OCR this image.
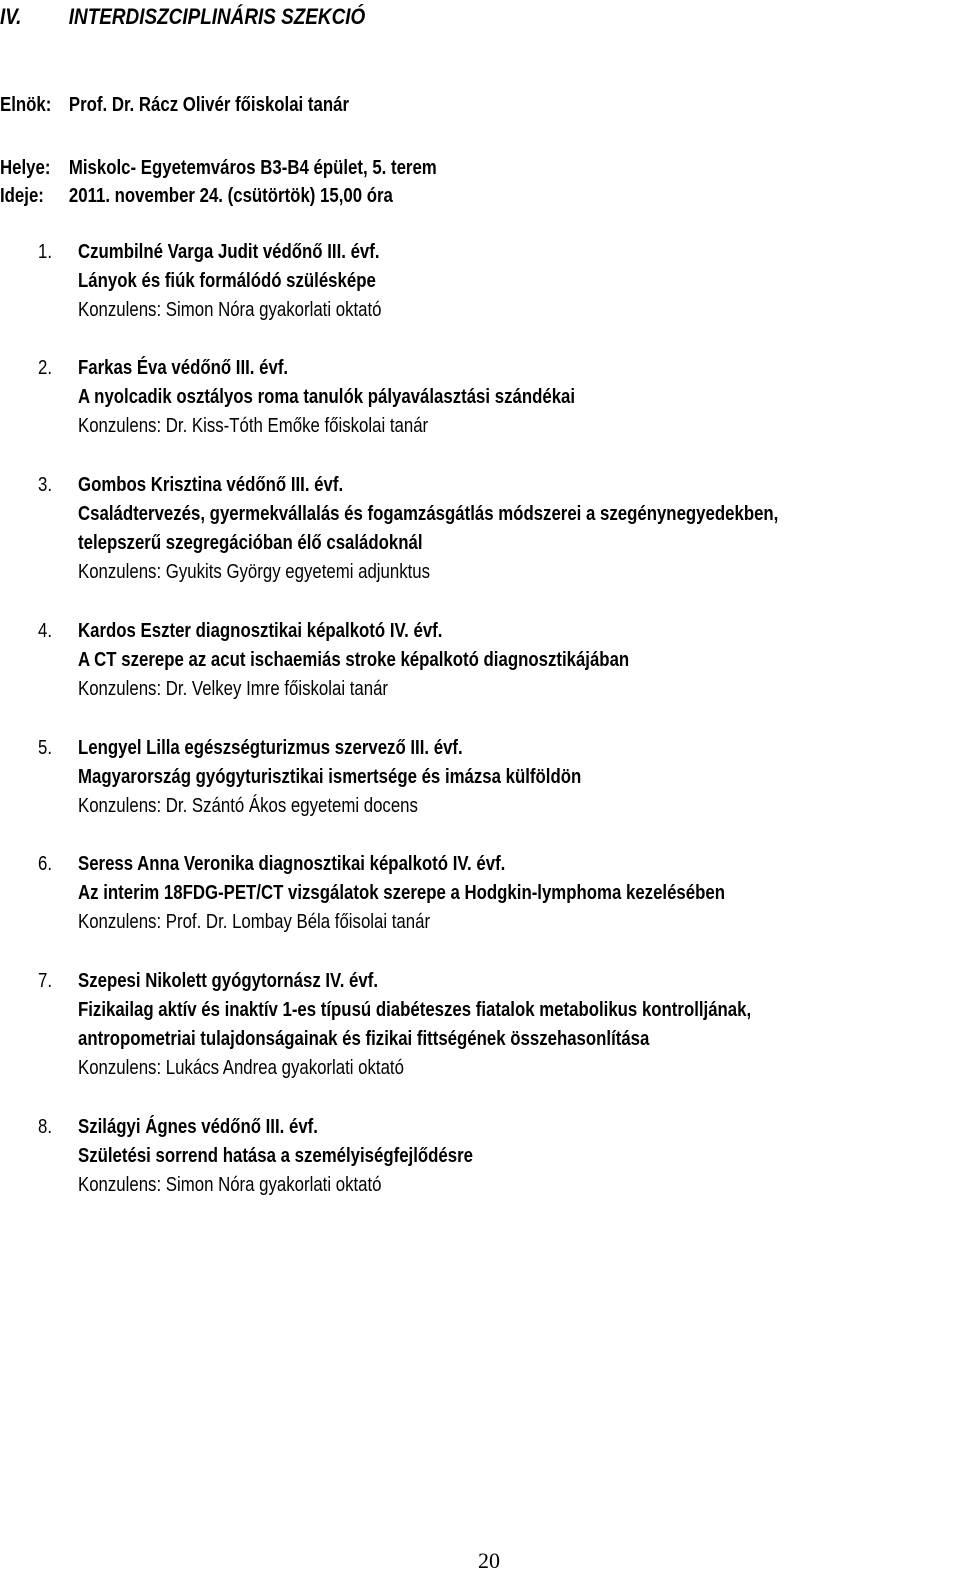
IV. INTERDISZCIPLINÁRIS SZEKCIÓ
Elnök: Prof. Dr. Rácz Olivér főiskolai tanár
Helye: Miskolc- Egyetemváros B3-B4 épület, 5. terem
Ideje: 2011. november 24. (csütörtök) 15,00 óra
1. Czumbilné Varga Judit védőnő III. évf.
Lányok és fiúk formálódó szülésképe
Konzulens: Simon Nóra gyakorlati oktató
2. Farkas Éva védőnő III. évf.
A nyolcadik osztályos roma tanulók pályaválasztási szándékai
Konzulens: Dr. Kiss-Tóth Emőke főiskolai tanár
3. Gombos Krisztina védőnő III. évf.
Családtervezés, gyermekvállalás és fogamzásgátlás módszerei a szegénynegyedekben,
telepszerű szegregációban élő családoknál
Konzulens: Gyukits György egyetemi adjunktus
4. Kardos Eszter diagnosztikai képalkotó IV. évf.
A CT szerepe az acut ischaemiás stroke képalkotó diagnosztikájában
Konzulens: Dr. Velkey Imre főiskolai tanár
5. Lengyel Lilla egészségturizmus szervező III. évf.
Magyarország gyógyturisztikai ismertsége és imázsa külföldön
Konzulens: Dr. Szántó Ákos egyetemi docens
6. Seress Anna Veronika diagnosztikai képalkotó IV. évf.
Az interim 18FDG-PET/CT vizsgálatok szerepe a Hodgkin-lymphoma kezelésében
Konzulens: Prof. Dr. Lombay Béla főisolai tanár
7. Szepesi Nikolett gyógytornász IV. évf.
Fizikailag aktív és inaktív 1-es típusú diabéteszes fiatalok metabolikus kontrolljának,
antropometriai tulajdonságainak és fizikai fittségének összehasonlítása
Konzulens: Lukács Andrea gyakorlati oktató
8. Szilágyi Ágnes védőnő III. évf.
Születési sorrend hatása a személyiségfejlődésre
Konzulens: Simon Nóra gyakorlati oktató
20
